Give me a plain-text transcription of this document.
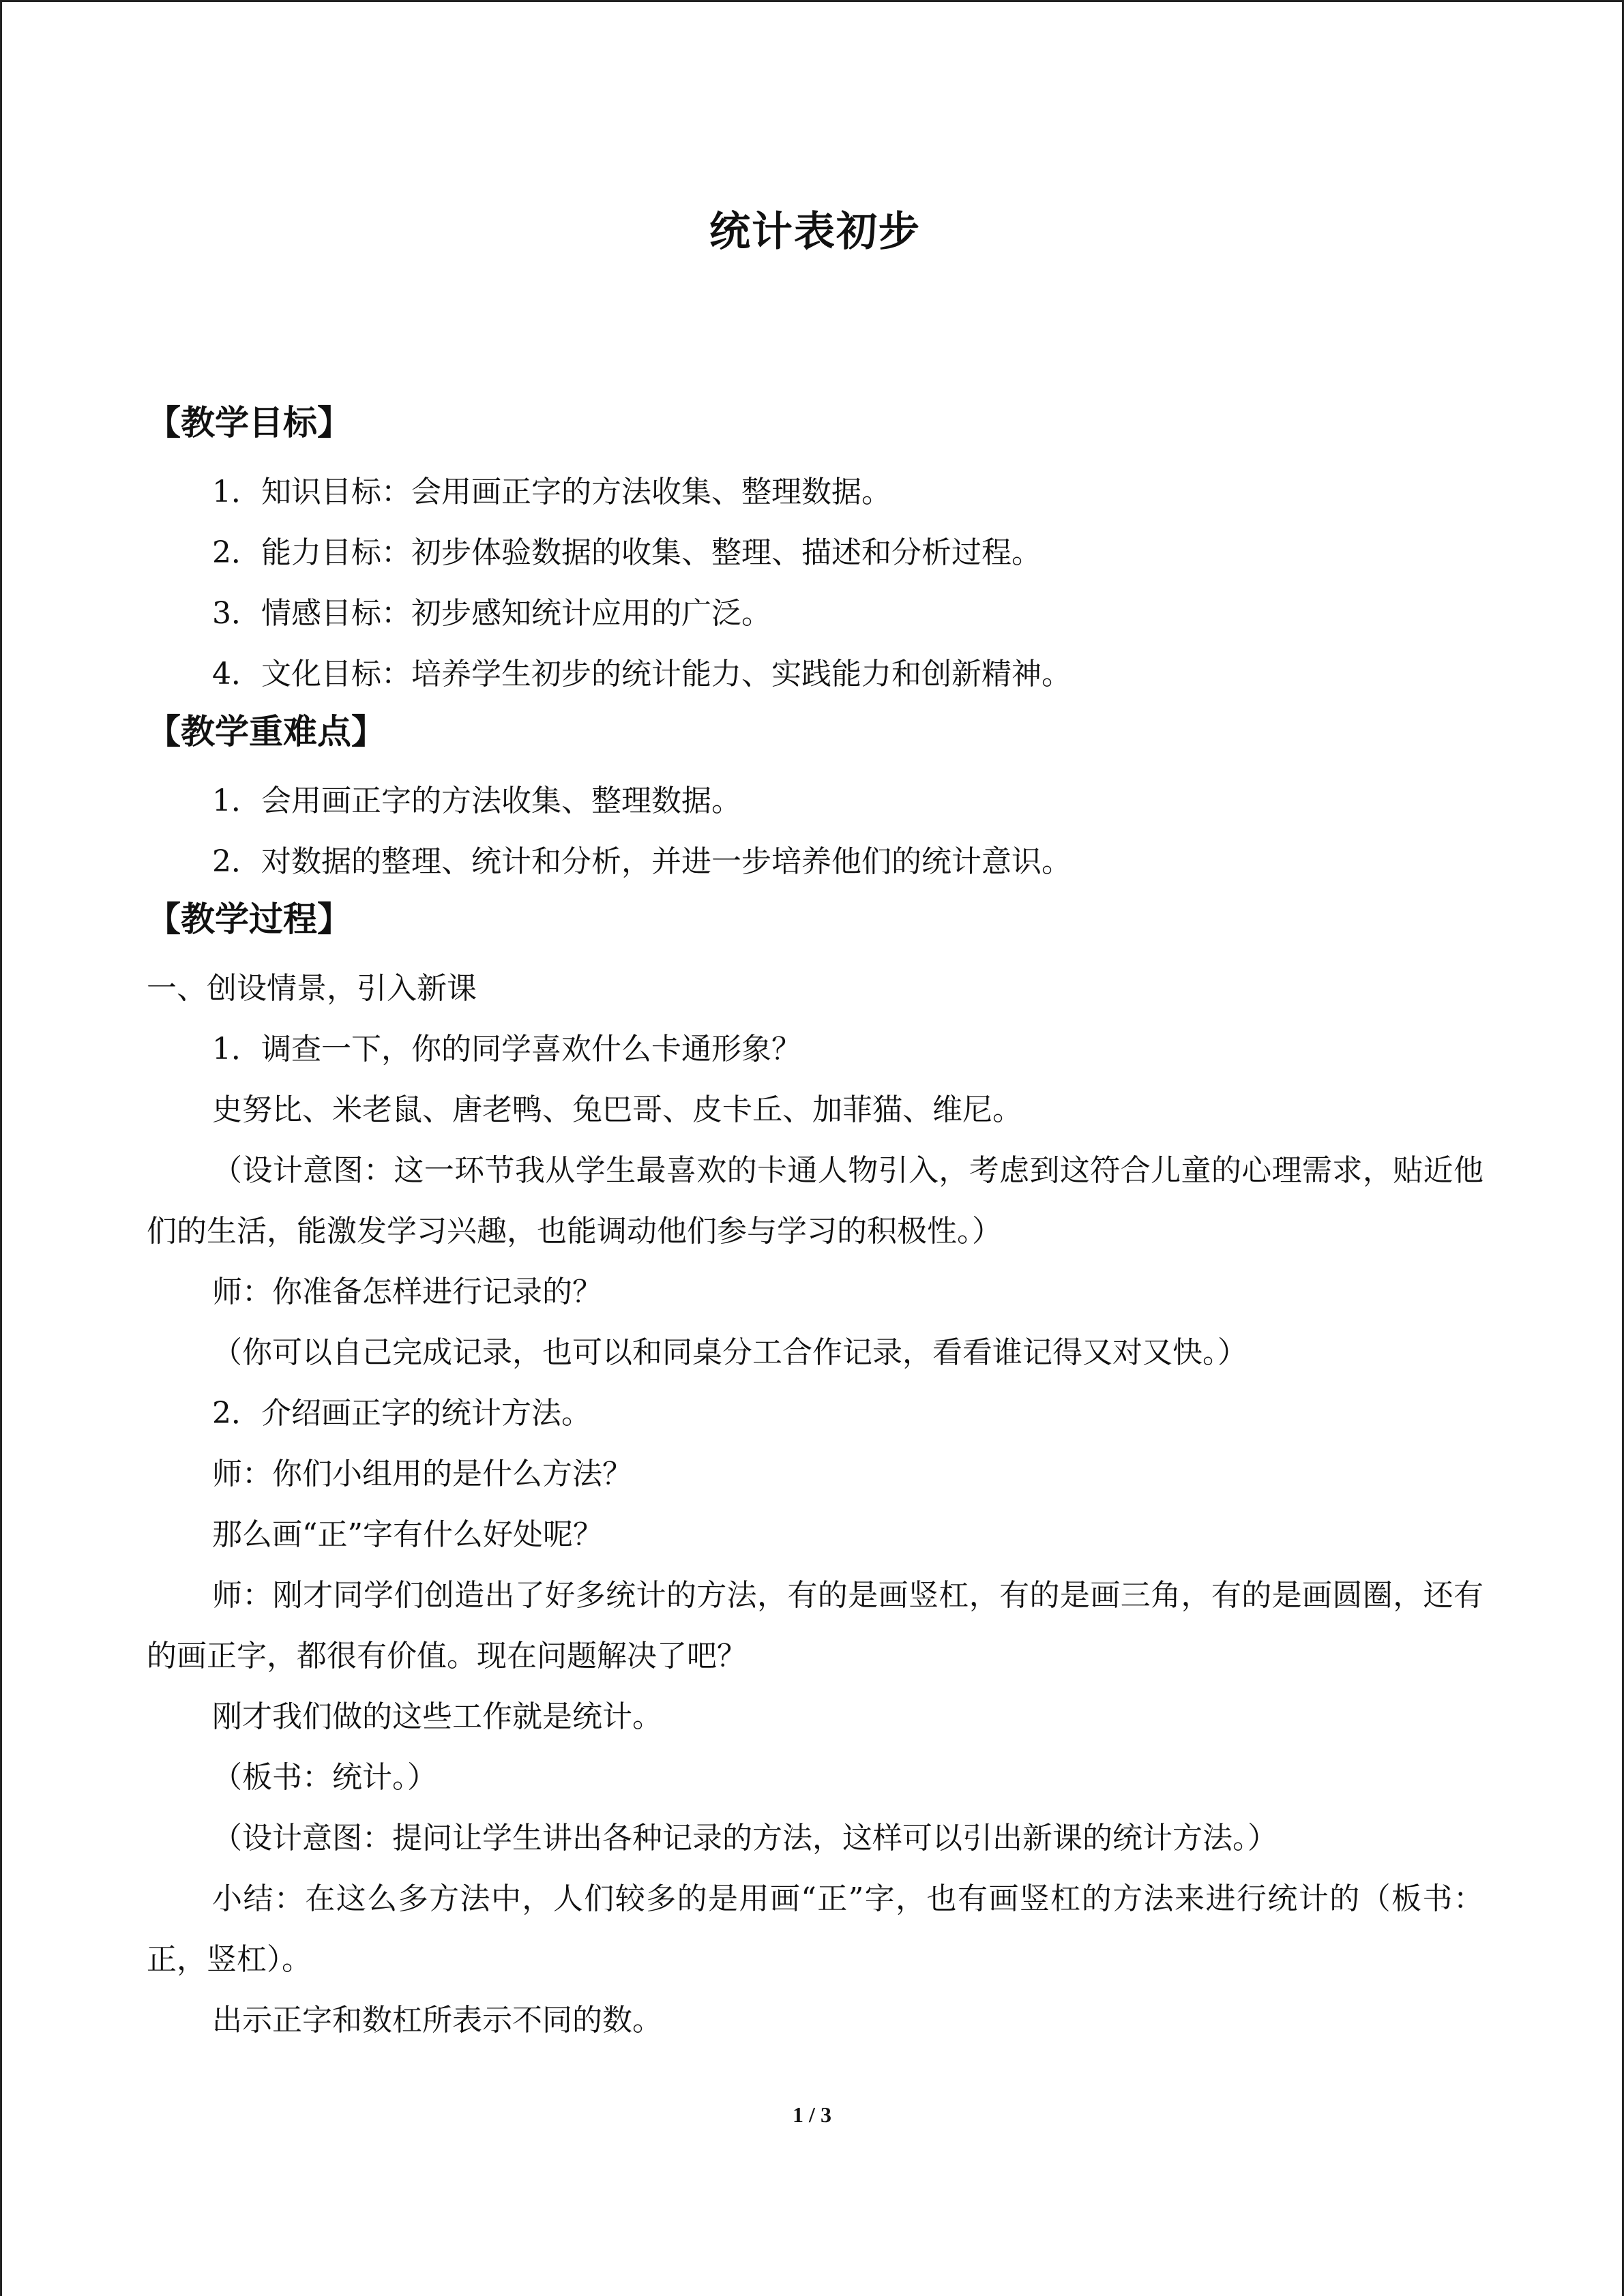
统计表初步
【教学目标】

1．知识目标：会用画正字的方法收集、整理数据。

2．能力目标：初步体验数据的收集、整理、描述和分析过程。

3．情感目标：初步感知统计应用的广泛。

4．文化目标：培养学生初步的统计能力、实践能力和创新精神。

【教学重难点】

1．会用画正字的方法收集、整理数据。

2．对数据的整理、统计和分析，并进一步培养他们的统计意识。

【教学过程】

一、创设情景，引入新课

1．调查一下，你的同学喜欢什么卡通形象？

史努比、米老鼠、唐老鸭、兔巴哥、皮卡丘、加菲猫、维尼。

（设计意图：这一环节我从学生最喜欢的卡通人物引入，考虑到这符合儿童的心理需求，贴近他们的生活，能激发学习兴趣，也能调动他们参与学习的积极性。）

师：你准备怎样进行记录的？

（你可以自己完成记录，也可以和同桌分工合作记录，看看谁记得又对又快。）

2．介绍画正字的统计方法。

师：你们小组用的是什么方法？

那么画“正”字有什么好处呢？

师：刚才同学们创造出了好多统计的方法，有的是画竖杠，有的是画三角，有的是画圆圈，还有的画正字，都很有价值。现在问题解决了吧？

刚才我们做的这些工作就是统计。

（板书：统计。）

（设计意图：提问让学生讲出各种记录的方法，这样可以引出新课的统计方法。）

小结：在这么多方法中，人们较多的是用画“正”字，也有画竖杠的方法来进行统计的（板书：正，竖杠）。

出示正字和数杠所表示不同的数。

1 / 3
